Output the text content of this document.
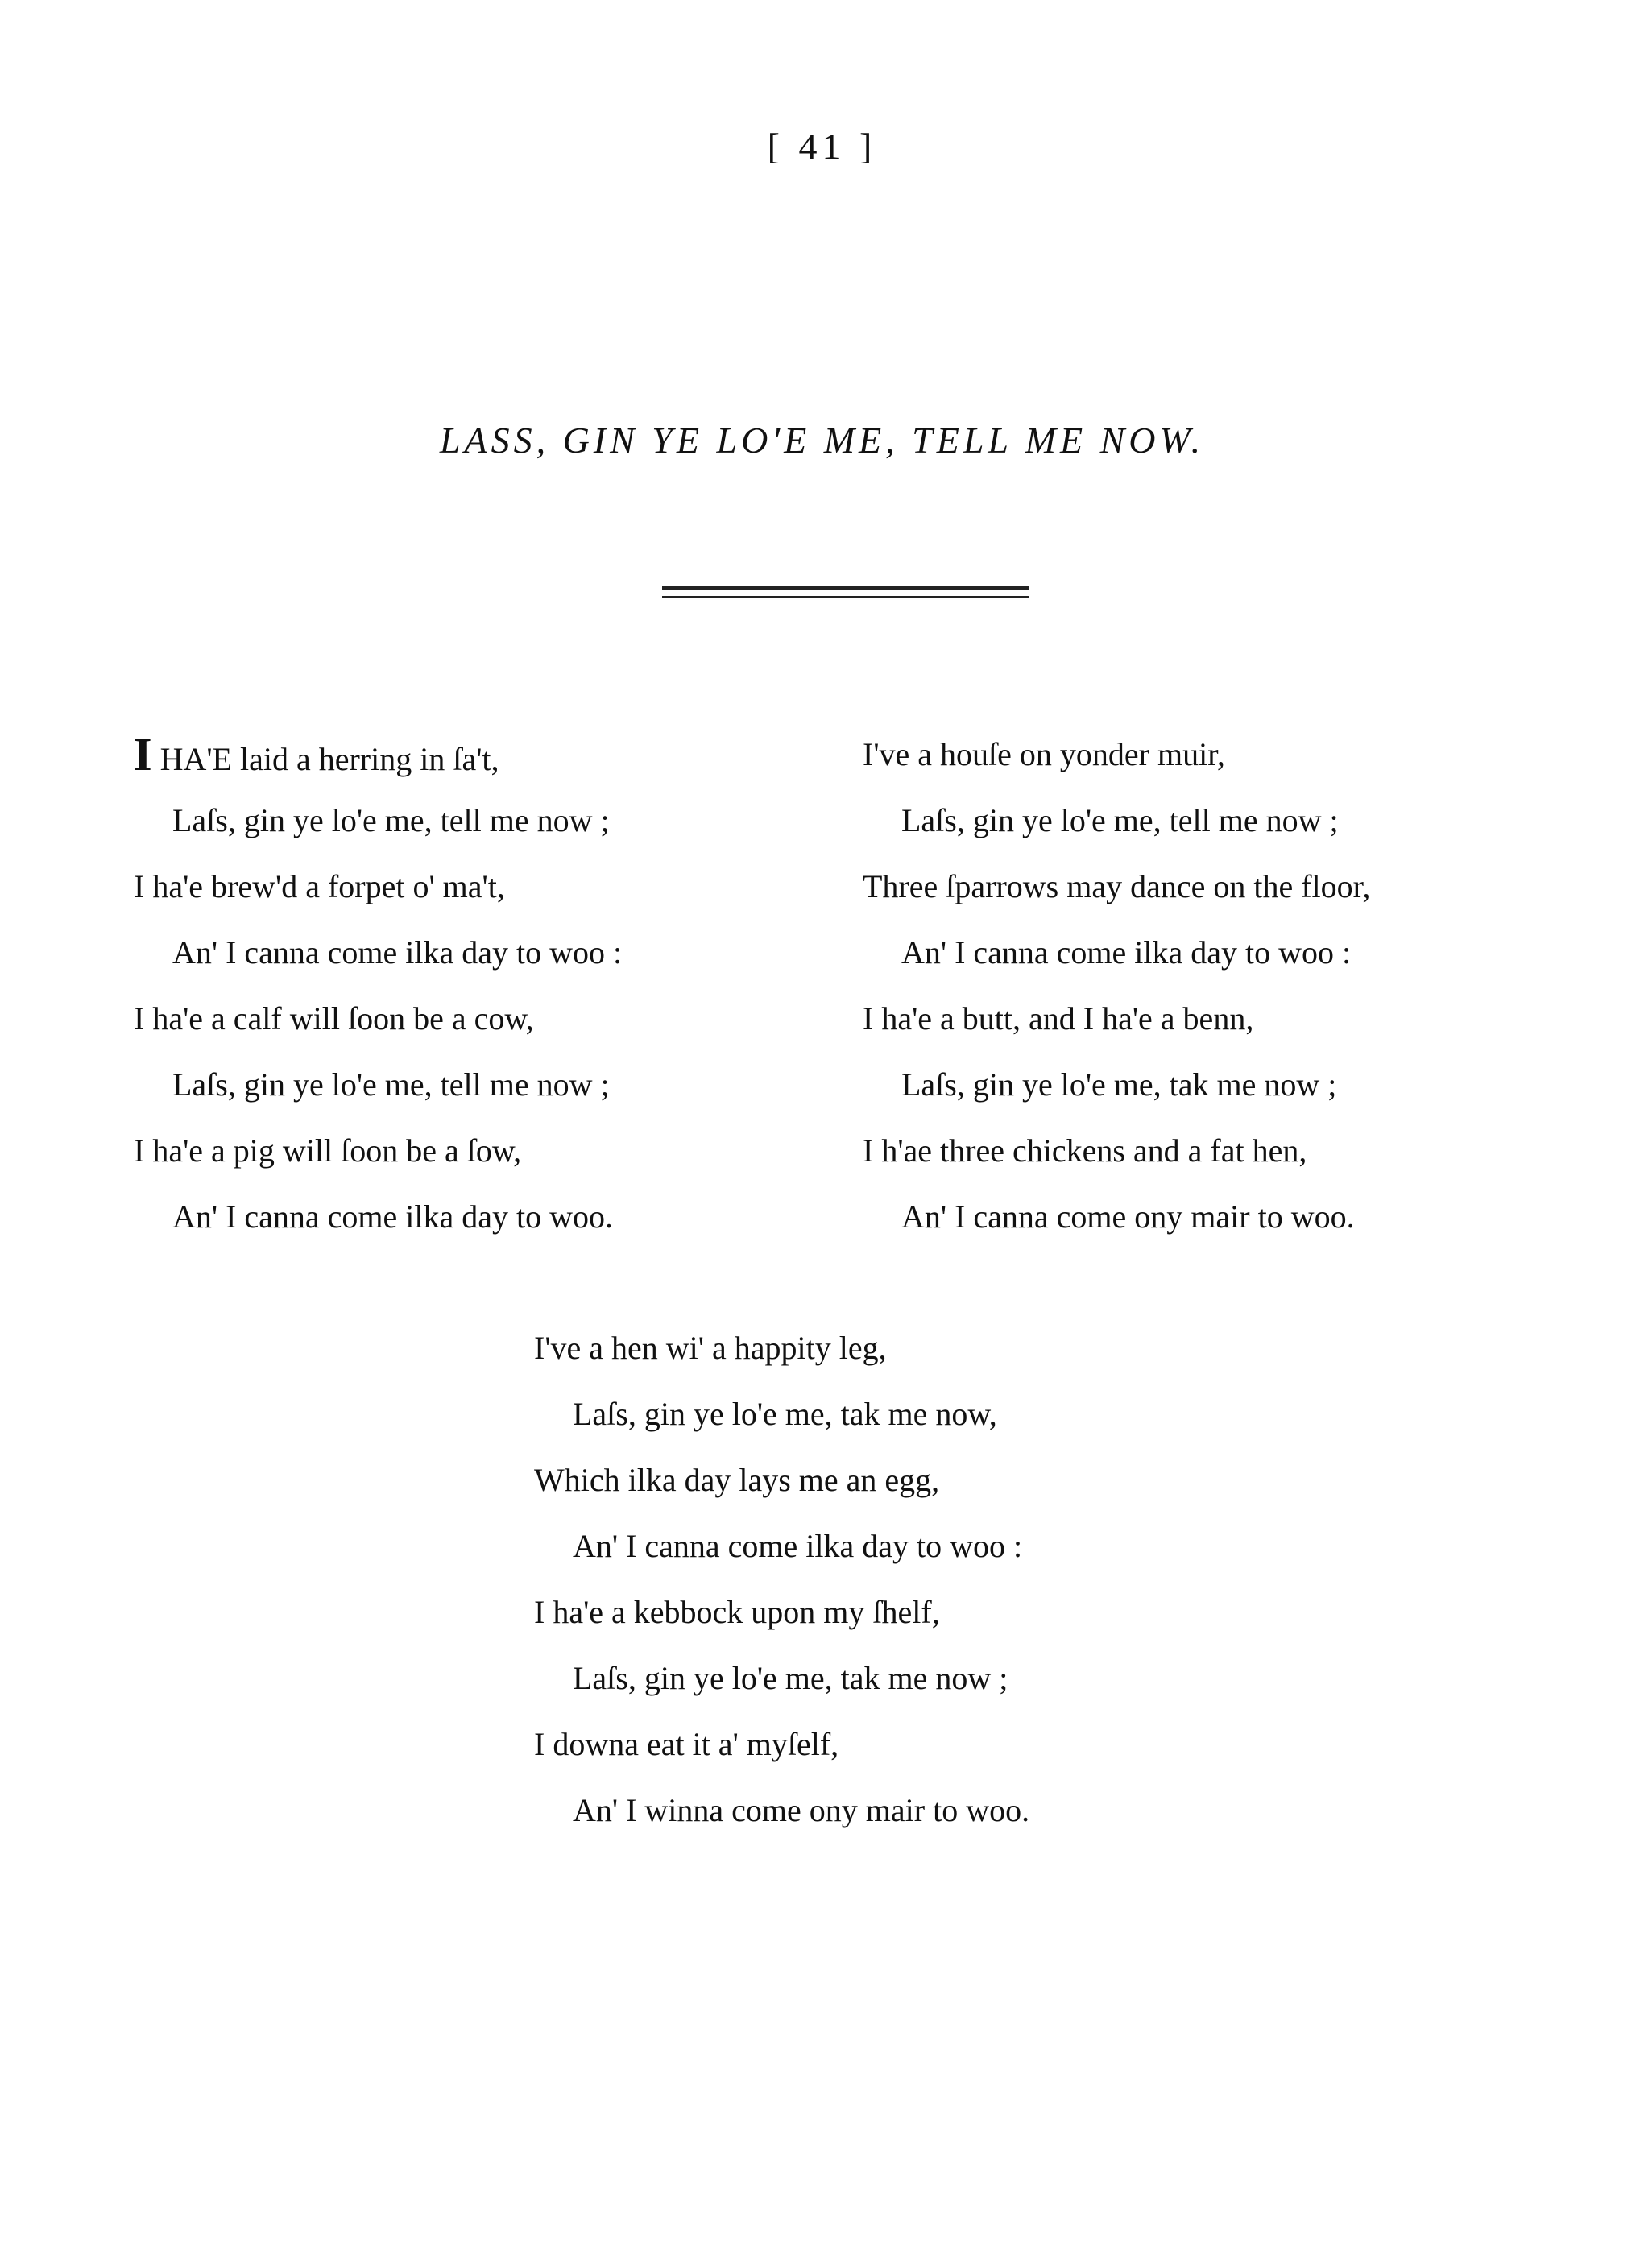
[ 41 ]
LASS, GIN YE LO'E ME, TELL ME NOW.
I HA'E laid a herring in ſa't,
Laſs, gin ye lo'e me, tell me now ;
I ha'e brew'd a forpet o' ma't,
An' I canna come ilka day to woo :
I ha'e a calf will ſoon be a cow,
Laſs, gin ye lo'e me, tell me now ;
I ha'e a pig will ſoon be a ſow,
An' I canna come ilka day to woo.
I've a houſe on yonder muir,
Laſs, gin ye lo'e me, tell me now ;
Three ſparrows may dance on the floor,
An' I canna come ilka day to woo :
I ha'e a butt, and I ha'e a benn,
Laſs, gin ye lo'e me, tak me now ;
I h'ae three chickens and a fat hen,
An' I canna come ony mair to woo.
I've a hen wi' a happity leg,
Laſs, gin ye lo'e me, tak me now,
Which ilka day lays me an egg,
An' I canna come ilka day to woo :
I ha'e a kebbock upon my ſhelf,
Laſs, gin ye lo'e me, tak me now ;
I downa eat it a' myſelf,
An' I winna come ony mair to woo.
